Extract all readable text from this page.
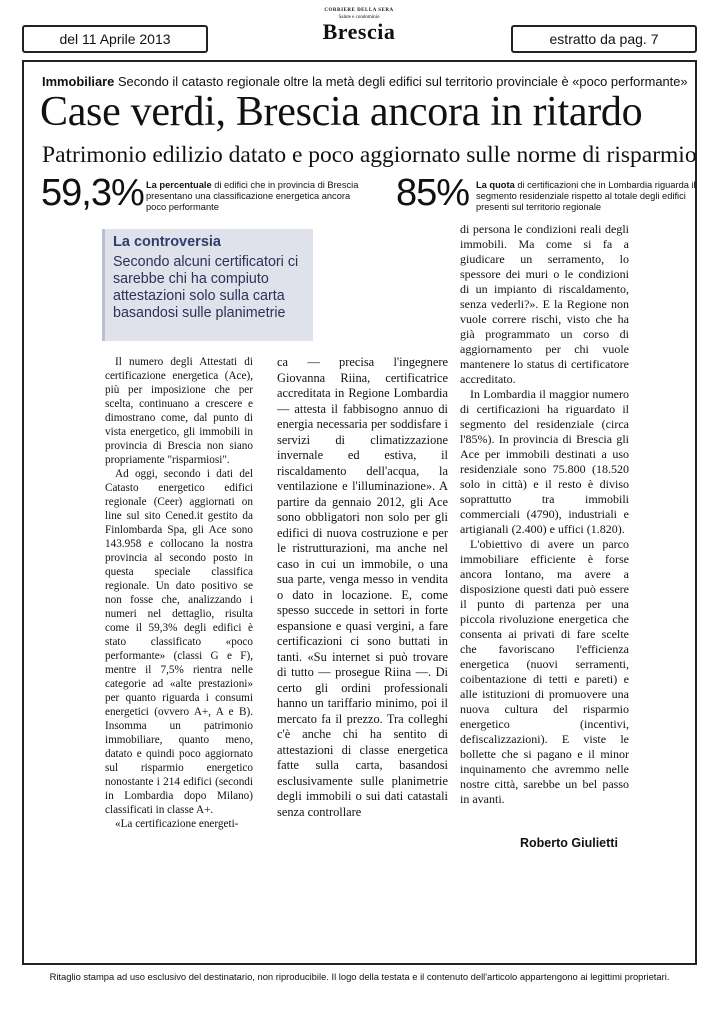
del 11 Aprile 2013
CORRIERE DELLA SERA
Salute e condominio
Brescia	estratto da pag. 7
Immobiliare Secondo il catasto regionale oltre la metà degli edifici sul territorio provinciale è «poco performante»
Case verdi, Brescia ancora in ritardo
Patrimonio edilizio datato e poco aggiornato sulle norme di risparmio
59,3% La percentuale di edifici che in provincia di Brescia presentano una classificazione energetica ancora poco performante	85% La quota di certificazioni che in Lombardia riguarda il segmento residenziale rispetto al totale degli edifici presenti sul territorio regionale
La controversia
Secondo alcuni certificatori ci sarebbe chi ha compiuto attestazioni solo sulla carta basandosi sulle planimetrie

Il numero degli Attestati di certificazione energetica (Ace), più per imposizione che per scelta, continuano a crescere e dimostrano come, dal punto di vista energetico, gli immobili in provincia di Brescia non siano propriamente "risparmiosi".

Ad oggi, secondo i dati del Catasto energetico edifici regionale (Ceer) aggiornati on line sul sito Cened.it gestito da Finlombarda Spa, gli Ace sono 143.958 e collocano la nostra provincia al secondo posto in questa speciale classifica regionale. Un dato positivo se non fosse che, analizzando i numeri nel dettaglio, risulta come il 59,3% degli edifici è stato classificato «poco performante» (classi G e F), mentre il 7,5% rientra nelle categorie ad «alte prestazioni» per quanto riguarda i consumi energetici (ovvero A+, A e B). Insomma un patrimonio immobiliare, quanto meno, datato e quindi poco aggiornato sul risparmio energetico nonostante i 214 edifici (secondi in Lombardia dopo Milano) classificati in classe A+.

«La certificazione energeti-

ca — precisa l'ingegnere Giovanna Riina, certificatrice accreditata in Regione Lombardia — attesta il fabbisogno annuo di energia necessaria per soddisfare i servizi di climatizzazione invernale ed estiva, il riscaldamento dell'acqua, la ventilazione e l'illuminazione». A partire da gennaio 2012, gli Ace sono obbligatori non solo per gli edifici di nuova costruzione e per le ristrutturazioni, ma anche nel caso in cui un immobile, o una sua parte, venga messo in vendita o dato in locazione. E, come spesso succede in settori in forte espansione e quasi vergini, a fare certificazioni ci sono buttati in tanti. «Su internet si può trovare di tutto — prosegue Riina —. Di certo gli ordini professionali hanno un tariffario minimo, poi il mercato fa il prezzo. Tra colleghi c'è anche chi ha sentito di attestazioni di classe energetica fatte sulla carta, basandosi esclusivamente sulle planimetrie degli immobili o sui dati catastali senza controllare

di persona le condizioni reali degli immobili. Ma come si fa a giudicare un serramento, lo spessore dei muri o le condizioni di un impianto di riscaldamento, senza vederli?». E la Regione non vuole correre rischi, visto che ha già programmato un corso di aggiornamento per chi vuole mantenere lo status di certificatore accreditato.

In Lombardia il maggior numero di certificazioni ha riguardato il segmento del residenziale (circa l'85%). In provincia di Brescia gli Ace per immobili destinati a uso residenziale sono 75.800 (18.520 solo in città) e il resto è diviso soprattutto tra immobili commerciali (4790), industriali e artigianali (2.400) e uffici (1.820).

L'obiettivo di avere un parco immobiliare efficiente è forse ancora lontano, ma avere a disposizione questi dati può essere il punto di partenza per una piccola rivoluzione energetica che consenta ai privati di fare scelte che favoriscano l'efficienza energetica (nuovi serramenti, coibentazione di tetti e pareti) e alle istituzioni di promuovere una nuova cultura del risparmio energetico (incentivi, defiscalizzazioni). E viste le bollette che si pagano e il minor inquinamento che avremmo nelle nostre città, sarebbe un bel passo in avanti.

Roberto Giulietti
Ritaglio stampa ad uso esclusivo del destinatario, non riproducibile. Il logo della testata e il contenuto dell'articolo appartengono ai legittimi proprietari.
